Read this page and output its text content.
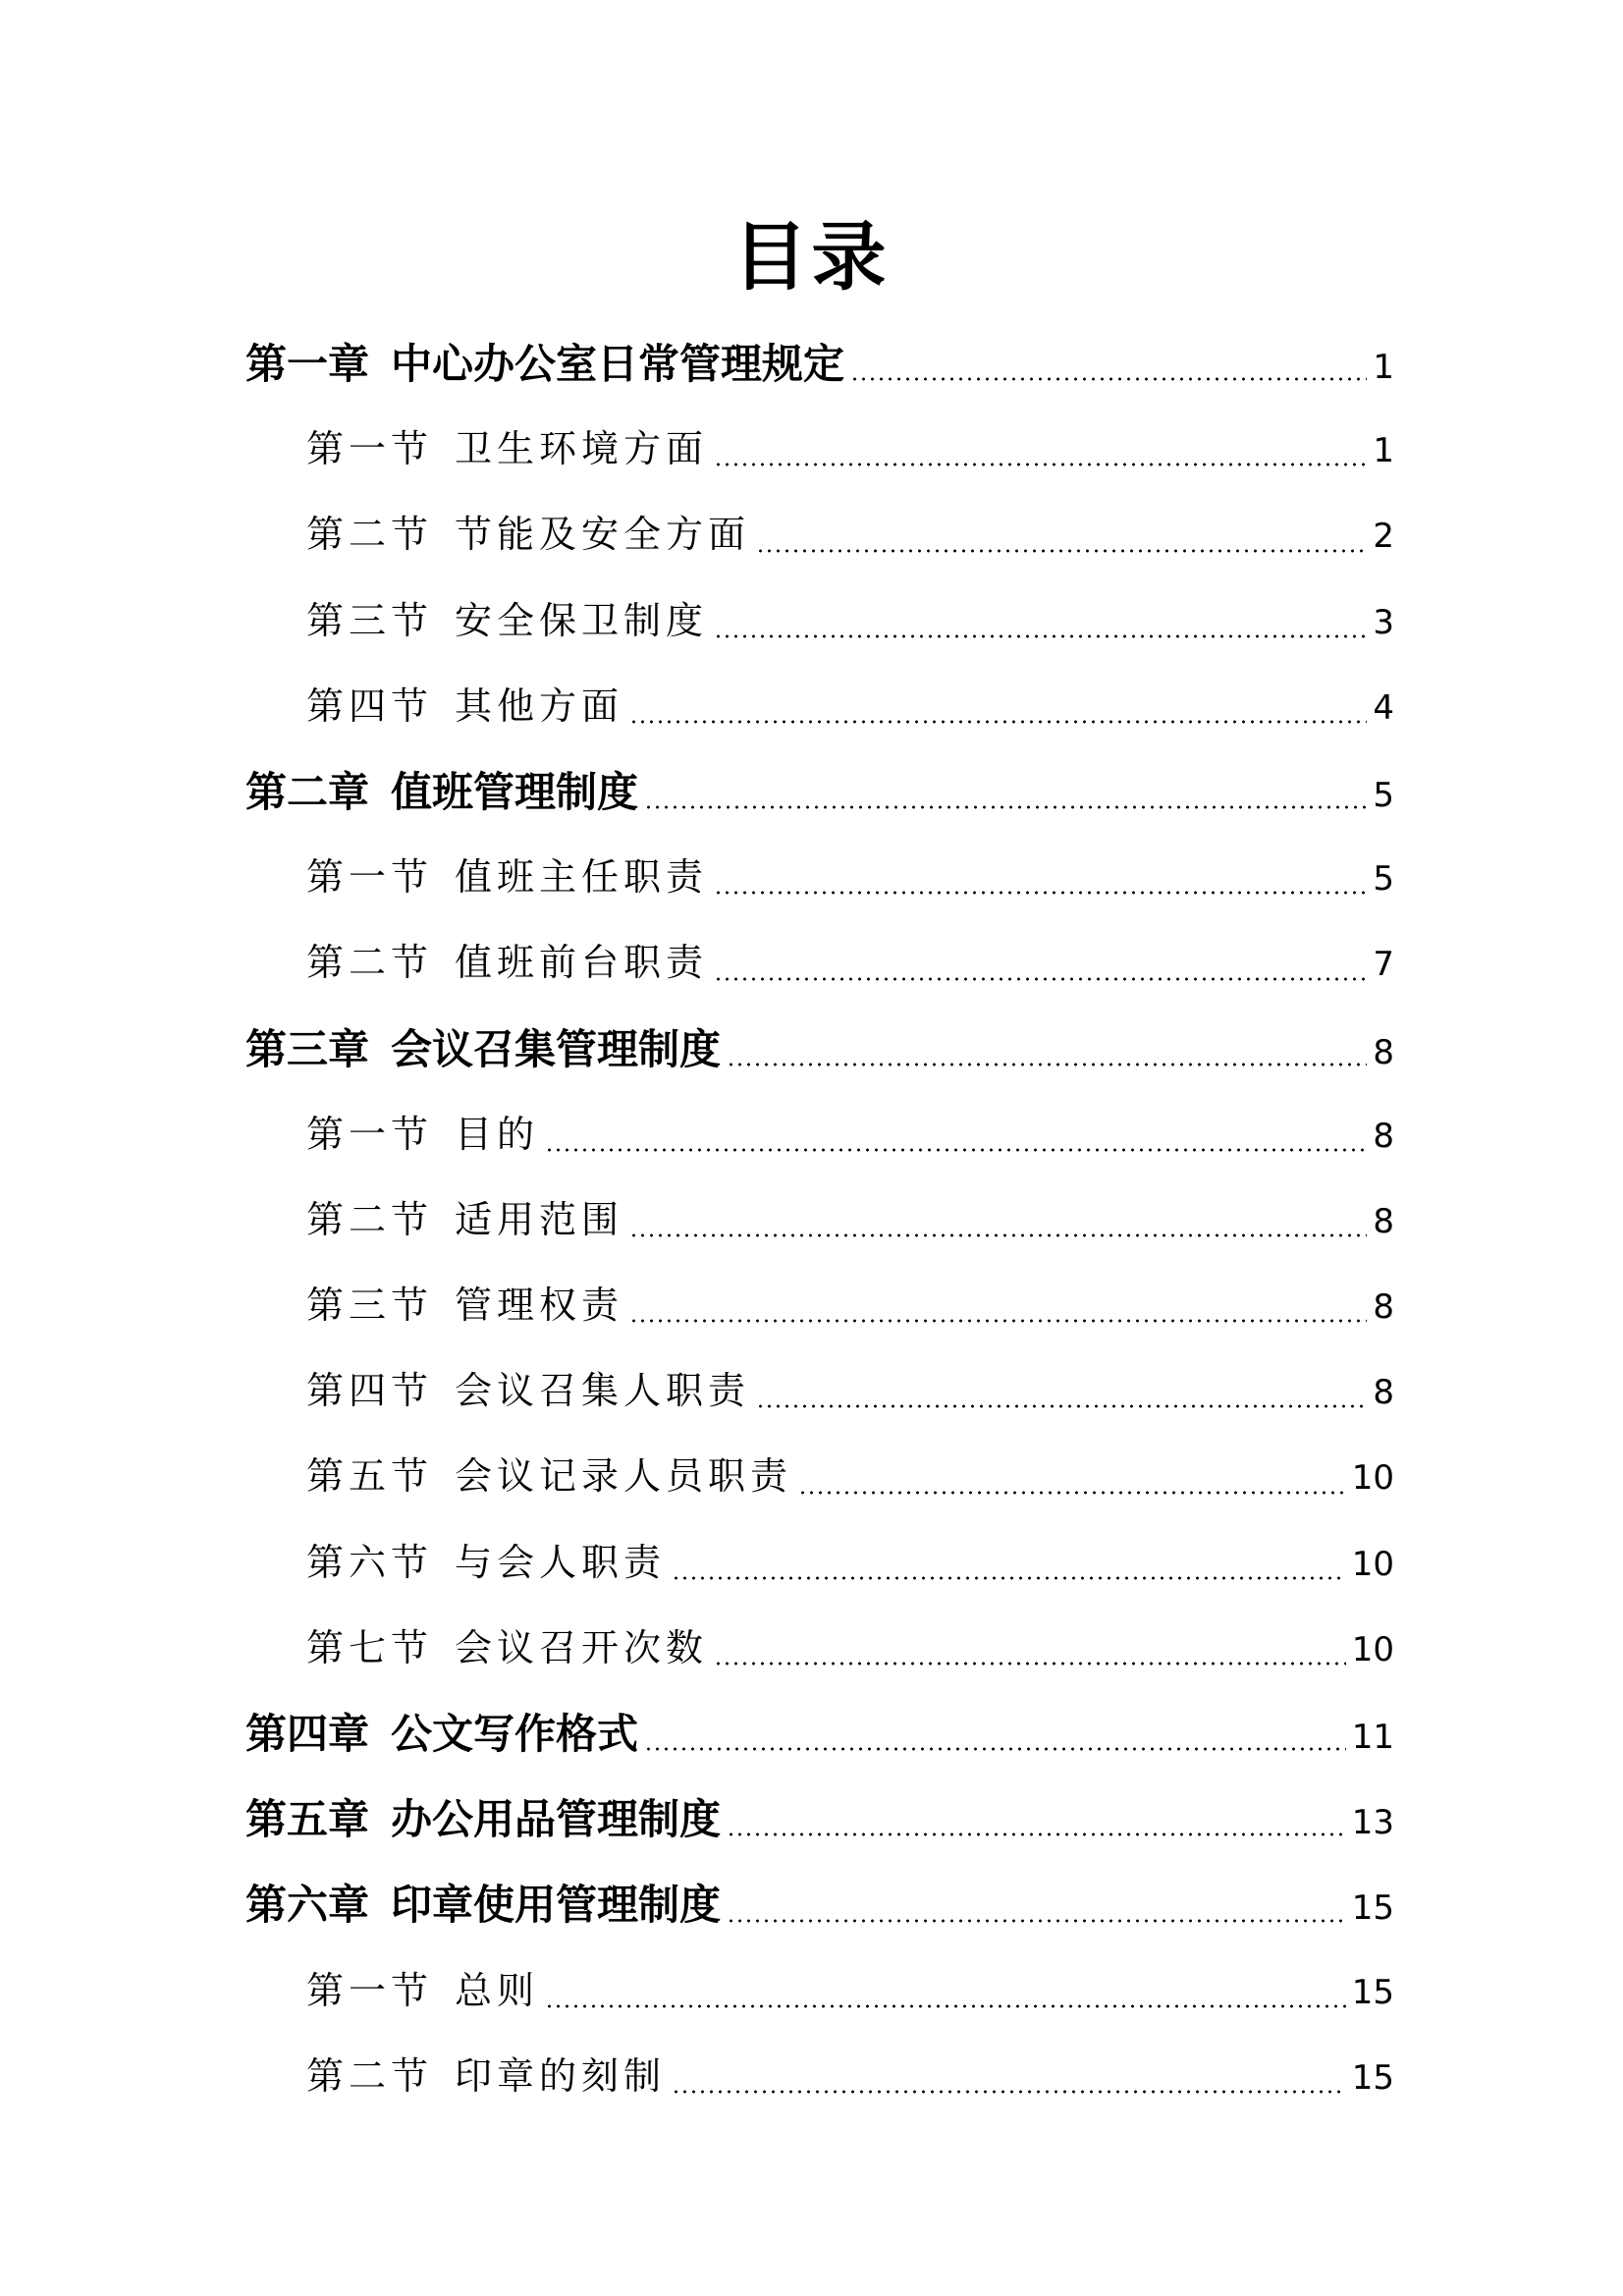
目录
第一章 中心办公室日常管理规定	1
第一节 卫生环境方面	1
第二节 节能及安全方面	2
第三节 安全保卫制度	3
第四节 其他方面	4
第二章 值班管理制度	5
第一节 值班主任职责	5
第二节 值班前台职责	7
第三章 会议召集管理制度	8
第一节 目的	8
第二节 适用范围	8
第三节 管理权责	8
第四节 会议召集人职责	8
第五节 会议记录人员职责	10
第六节 与会人职责	10
第七节 会议召开次数	10
第四章 公文写作格式	11
第五章 办公用品管理制度	13
第六章 印章使用管理制度	15
第一节 总则	15
第二节 印章的刻制	15
